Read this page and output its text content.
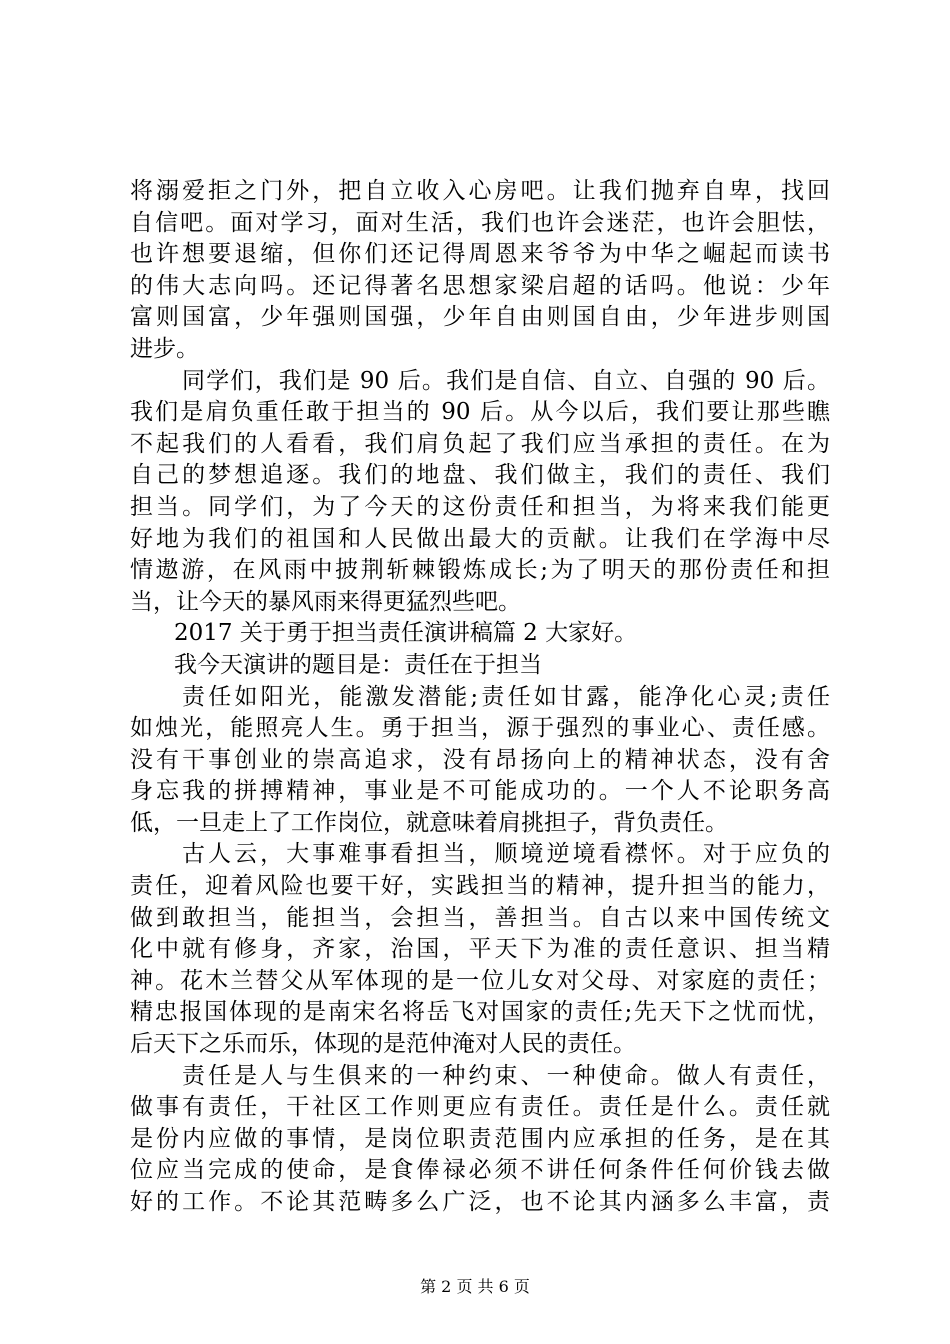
将溺爱拒之门外，把自立收入心房吧。让我们抛弃自卑，找回
自信吧。面对学习，面对生活，我们也许会迷茫，也许会胆怯，
也许想要退缩，但你们还记得周恩来爷爷为中华之崛起而读书
的伟大志向吗。还记得著名思想家梁启超的话吗。他说：少年
富则国富，少年强则国强，少年自由则国自由，少年进步则国
进步。
同学们，我们是 90 后。我们是自信、自立、自强的 90 后。
我们是肩负重任敢于担当的 90 后。从今以后，我们要让那些瞧
不起我们的人看看，我们肩负起了我们应当承担的责任。在为
自己的梦想追逐。我们的地盘、我们做主，我们的责任、我们
担当。同学们，为了今天的这份责任和担当，为将来我们能更
好地为我们的祖国和人民做出最大的贡献。让我们在学海中尽
情遨游，在风雨中披荆斩棘锻炼成长;为了明天的那份责任和担
当，让今天的暴风雨来得更猛烈些吧。
2017 关于勇于担当责任演讲稿篇 2 大家好。
我今天演讲的题目是：责任在于担当
责任如阳光，能激发潜能;责任如甘露，能净化心灵;责任
如烛光，能照亮人生。勇于担当，源于强烈的事业心、责任感。
没有干事创业的崇高追求，没有昂扬向上的精神状态，没有舍
身忘我的拼搏精神，事业是不可能成功的。一个人不论职务高
低，一旦走上了工作岗位，就意味着肩挑担子，背负责任。
古人云，大事难事看担当，顺境逆境看襟怀。对于应负的
责任，迎着风险也要干好，实践担当的精神，提升担当的能力，
做到敢担当，能担当，会担当，善担当。自古以来中国传统文
化中就有修身，齐家，治国，平天下为准的责任意识、担当精
神。花木兰替父从军体现的是一位儿女对父母、对家庭的责任；
精忠报国体现的是南宋名将岳飞对国家的责任;先天下之忧而忧，
后天下之乐而乐，体现的是范仲淹对人民的责任。
责任是人与生俱来的一种约束、一种使命。做人有责任，
做事有责任，干社区工作则更应有责任。责任是什么。责任就
是份内应做的事情，是岗位职责范围内应承担的任务，是在其
位应当完成的使命，是食俸禄必须不讲任何条件任何价钱去做
好的工作。不论其范畴多么广泛，也不论其内涵多么丰富，责
第 2 页 共 6 页
